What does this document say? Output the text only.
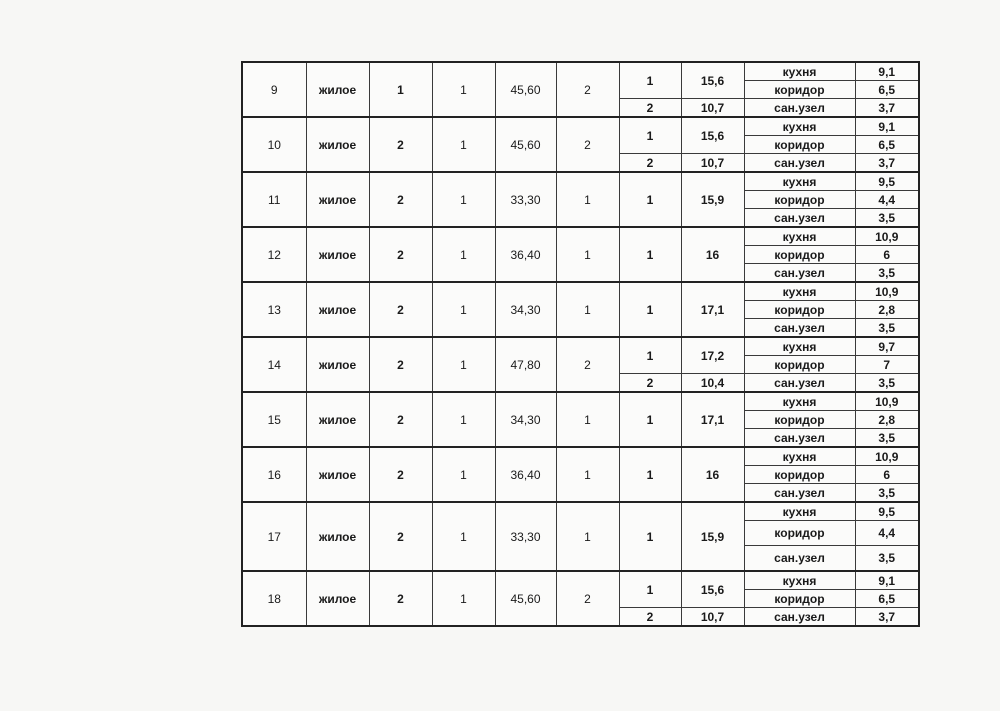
9	жилое	1	1	45,60	2	1	15,6	кухня	9,1
								коридор	6,5
						2	10,7	сан.узел	3,7
10	жилое	2	1	45,60	2	1	15,6	кухня	9,1
								коридор	6,5
						2	10,7	сан.узел	3,7
11	жилое	2	1	33,30	1	1	15,9	кухня	9,5
								коридор	4,4
								сан.узел	3,5
12	жилое	2	1	36,40	1	1	16	кухня	10,9
								коридор	6
								сан.узел	3,5
13	жилое	2	1	34,30	1	1	17,1	кухня	10,9
								коридор	2,8
								сан.узел	3,5
14	жилое	2	1	47,80	2	1	17,2	кухня	9,7
								коридор	7
						2	10,4	сан.узел	3,5
15	жилое	2	1	34,30	1	1	17,1	кухня	10,9
								коридор	2,8
								сан.узел	3,5
16	жилое	2	1	36,40	1	1	16	кухня	10,9
								коридор	6
								сан.узел	3,5
17	жилое	2	1	33,30	1	1	15,9	кухня	9,5
								коридор	4,4
								сан.узел	3,5
18	жилое	2	1	45,60	2	1	15,6	кухня	9,1
								коридор	6,5
						2	10,7	сан.узел	3,7
